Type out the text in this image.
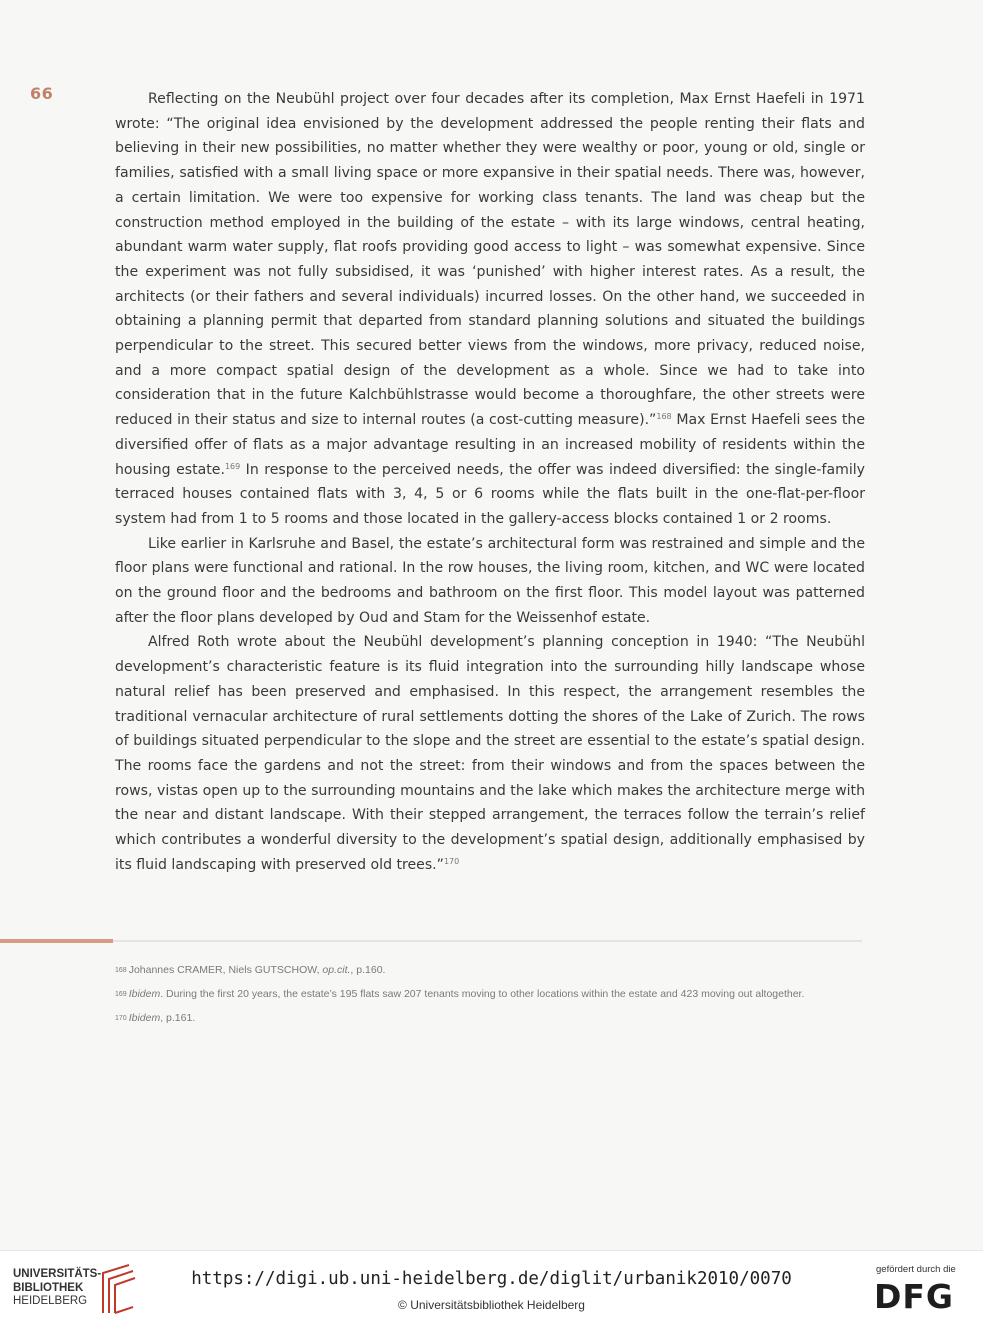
66	Reflecting on the Neubühl project over four decades after its completion, Max Ernst Haefeli in 1971 wrote: “The original idea envisioned by the development addressed the people renting their flats and believing in their new possibilities, no matter whether they were wealthy or poor, young or old, single or families, satisfied with a small living space or more expansive in their spatial needs. There was, however, a certain limitation. We were too expensive for working class tenants. The land was cheap but the construction method employed in the building of the estate – with its large windows, central heating, abundant warm water supply, flat roofs providing good access to light – was somewhat expensive. Since the experiment was not fully subsidised, it was ‘punished’ with higher interest rates. As a result, the architects (or their fathers and several individuals) incurred losses. On the other hand, we succeeded in obtaining a planning permit that departed from standard planning solutions and situated the buildings perpendicular to the street. This secured better views from the windows, more privacy, reduced noise, and a more compact spatial design of the development as a whole. Since we had to take into consideration that in the future Kalchbühlstrasse would become a thoroughfare, the other streets were reduced in their status and size to internal routes (a cost-cutting measure).”$^{168}$ Max Ernst Haefeli sees the diversified offer of flats as a major advantage resulting in an increased mobility of residents within the housing estate.$^{169}$ In response to the perceived needs, the offer was indeed diversified: the single-family terraced houses contained flats with 3, 4, 5 or 6 rooms while the flats built in the one-flat-per-floor system had from 1 to 5 rooms and those located in the gallery-access blocks contained 1 or 2 rooms.

Like earlier in Karlsruhe and Basel, the estate’s architectural form was restrained and simple and the floor plans were functional and rational. In the row houses, the living room, kitchen, and WC were located on the ground floor and the bedrooms and bathroom on the first floor. This model layout was patterned after the floor plans developed by Oud and Stam for the Weissenhof estate.

Alfred Roth wrote about the Neubühl development’s planning conception in 1940: “The Neubühl development’s characteristic feature is its fluid integration into the surrounding hilly landscape whose natural relief has been preserved and emphasised. In this respect, the arrangement resembles the traditional vernacular architecture of rural settlements dotting the shores of the Lake of Zurich. The rows of buildings situated perpendicular to the slope and the street are essential to the estate’s spatial design. The rooms face the gardens and not the street: from their windows and from the spaces between the rows, vistas open up to the surrounding mountains and the lake which makes the architecture merge with the near and distant landscape. With their stepped arrangement, the terraces follow the terrain’s relief which contributes a wonderful diversity to the development’s spatial design, additionally emphasised by its fluid landscaping with preserved old trees.”$^{170}$

$^{168}$ Johannes CRAMER, Niels GUTSCHOW, op.cit., p.160.

$^{169}$ Ibidem. During the first 20 years, the estate’s 195 flats saw 207 tenants moving to other locations within the estate and 423 moving out altogether.

$^{170}$ Ibidem, p.161.

UNIVERSITÄTS-
BIBLIOTHEK
HEIDELBERG
https://digi.ub.uni-heidelberg.de/diglit/urbanik2010/0070
© Universitätsbibliothek Heidelberg
gefördert durch die
DFG
